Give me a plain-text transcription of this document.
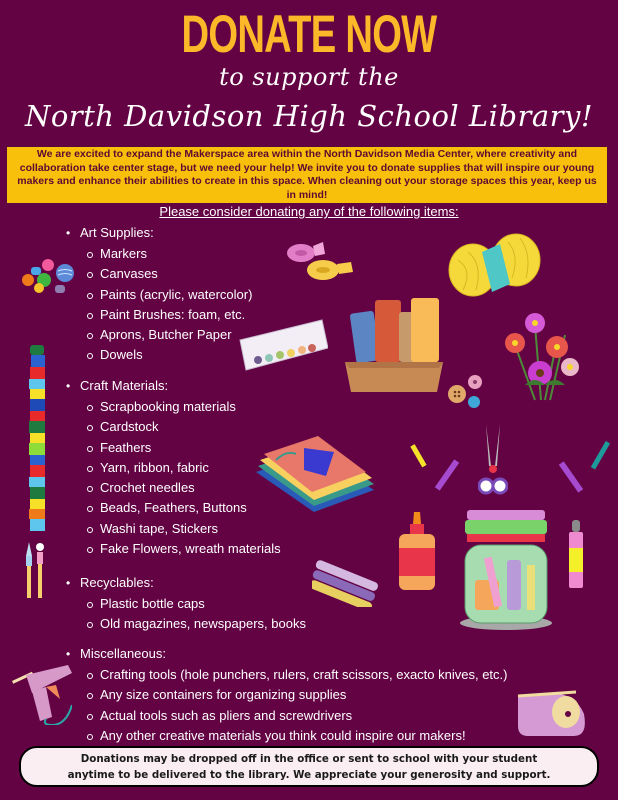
DONATE NOW
to support the
North Davidson High School Library!
We are excited to expand the Makerspace area within the North Davidson Media Center, where creativity and collaboration take center stage, but we need your help! We invite you to donate supplies that will inspire our young makers and enhance their abilities to create in this space. When cleaning out your storage spaces this year, keep us in mind!
Please consider donating any of the following items:
• Art Supplies:
Markers
Canvases
Paints (acrylic, watercolor)
Paint Brushes: foam, etc.
Aprons, Butcher Paper
Dowels
• Craft Materials:
Scrapbooking materials
Cardstock
Feathers
Yarn, ribbon, fabric
Crochet needles
Beads, Feathers, Buttons
Washi tape, Stickers
Fake Flowers, wreath materials
• Recyclables:
Plastic bottle caps
Old magazines, newspapers, books
• Miscellaneous:
Crafting tools (hole punchers, rulers, craft scissors, exacto knives, etc.)
Any size containers for organizing supplies
Actual tools such as pliers and screwdrivers
Any other creative materials you think could inspire our makers!
Donations may be dropped off in the office or sent to school with your student
anytime to be delivered to the library. We appreciate your generosity and support.
